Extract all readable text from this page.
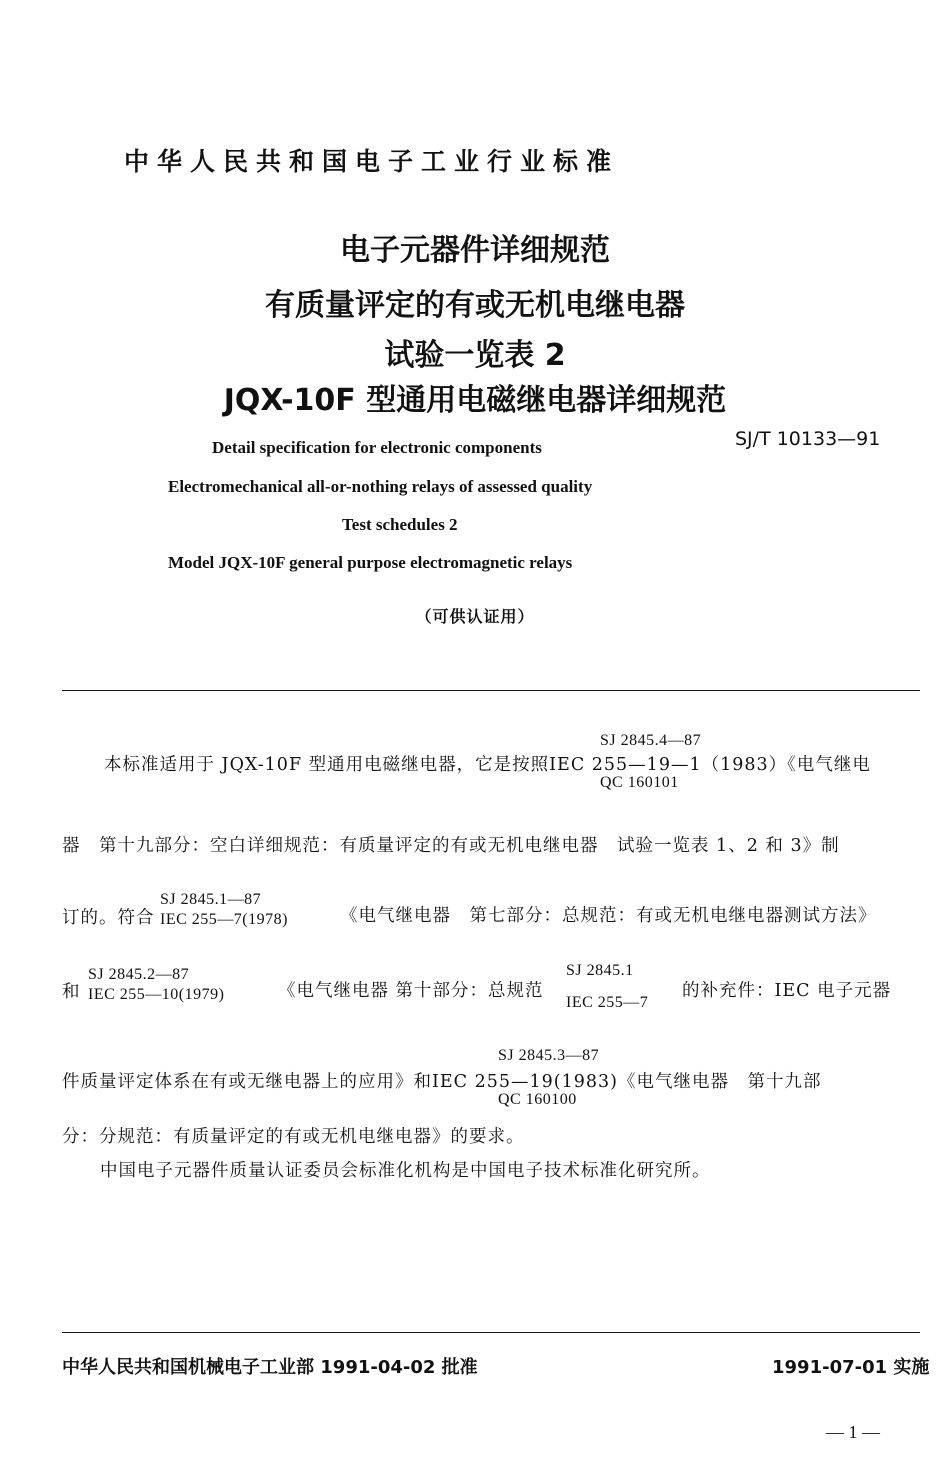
中华人民共和国电子工业行业标准
电子元器件详细规范
有质量评定的有或无机电继电器
试验一览表 2
JQX-10F 型通用电磁继电器详细规范
Detail specification for electronic components
Electromechanical all-or-nothing relays of assessed quality
Test schedules 2
Model JQX-10F general purpose electromagnetic relays
SJ/T 10133—91
（可供认证用）
SJ 2845.4—87
本标准适用于 JQX-10F 型通用电磁继电器，它是按照IEC 255—19—1（1983）《电气继电
QC 160101
器　第十九部分：空白详细规范：有质量评定的有或无机电继电器　试验一览表 1、2 和 3》制
订的。符合
SJ 2845.1—87
IEC 255—7(1978)	《电气继电器　第七部分：总规范：有或无机电继电器测试方法》
和
SJ 2845.2—87
IEC 255—10(1979)	《电气继电器 第十部分：总规范
SJ 2845.1
IEC 255—7
的补充件：IEC 电子元器
SJ 2845.3—87
件质量评定体系在有或无继电器上的应用》和IEC 255—19(1983)《电气继电器　第十九部
QC 160100
分：分规范：有质量评定的有或无机电继电器》的要求。
中国电子元器件质量认证委员会标准化机构是中国电子技术标准化研究所。
中华人民共和国机械电子工业部 1991-04-02 批准	1991-07-01 实施
— 1 —
